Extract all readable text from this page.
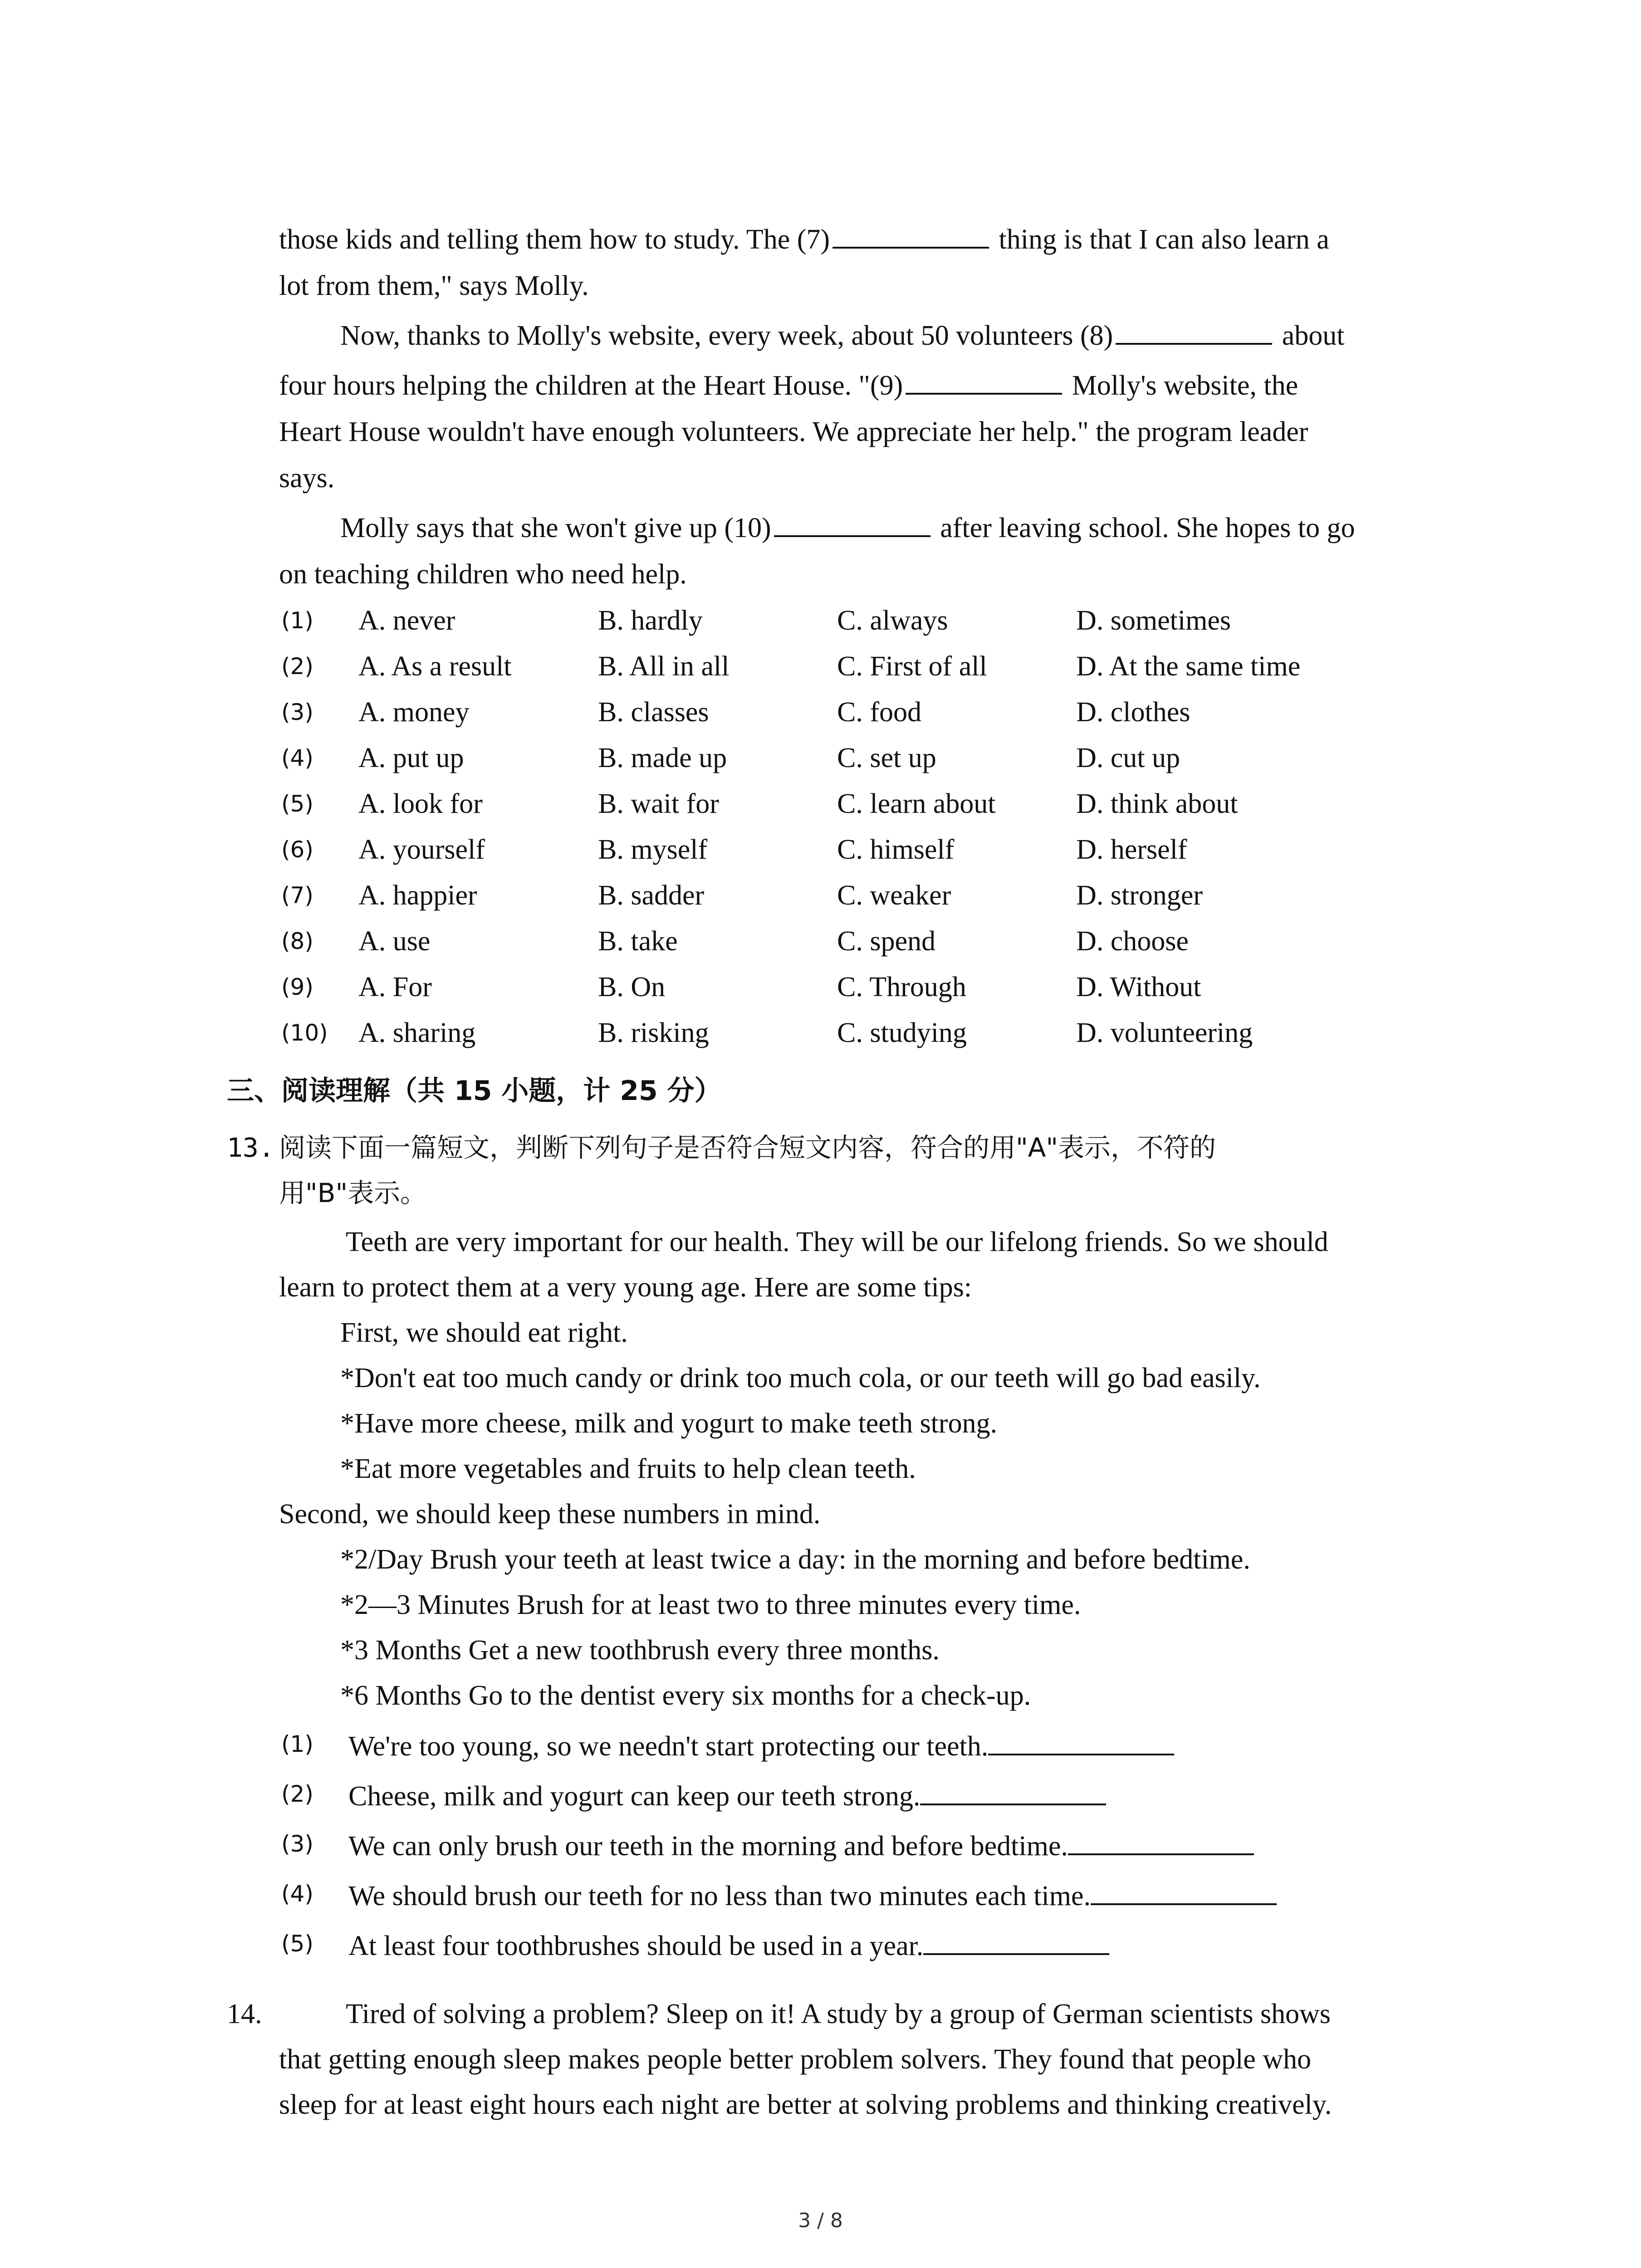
those kids and telling them how to study. The (7)	thing is that I can also learn a
lot from them," says Molly.
Now, thanks to Molly's website, every week, about 50 volunteers (8)	about
four hours helping the children at the Heart House. "(9)	Molly's website, the
Heart House wouldn't have enough volunteers. We appreciate her help." the program leader
says.
Molly says that she won't give up (10)	after leaving school. She hopes to go
on teaching children who need help.
(1) A. never	B. hardly	C. always	D. sometimes
(2) A. As a result	B. All in all	C. First of all	D. At the same time
(3) A. money	B. classes	C. food	D. clothes
(4) A. put up	B. made up	C. set up	D. cut up
(5) A. look for	B. wait for	C. learn about	D. think about
(6) A. yourself	B. myself	C. himself	D. herself
(7) A. happier	B. sadder	C. weaker	D. stronger
(8) A. use	B. take	C. spend	D. choose
(9) A. For	B. On	C. Through	D. Without
(10) A. sharing	B. risking	C. studying	D. volunteering
三、阅读理解（共 15 小题，计 25 分）
13. 阅读下面一篇短文，判断下列句子是否符合短文内容，符合的用"A"表示，不符的
用"B"表示。
Teeth are very important for our health. They will be our lifelong friends. So we should
learn to protect them at a very young age. Here are some tips:
First, we should eat right.
*Don't eat too much candy or drink too much cola, or our teeth will go bad easily.
*Have more cheese, milk and yogurt to make teeth strong.
*Eat more vegetables and fruits to help clean teeth.
Second, we should keep these numbers in mind.
*2/Day Brush your teeth at least twice a day: in the morning and before bedtime.
*2—3 Minutes Brush for at least two to three minutes every time.
*3 Months Get a new toothbrush every three months.
*6 Months Go to the dentist every six months for a check-up.
(1) We're too young, so we needn't start protecting our teeth.
(2) Cheese, milk and yogurt can keep our teeth strong.
(3) We can only brush our teeth in the morning and before bedtime.
(4) We should brush our teeth for no less than two minutes each time.
(5) At least four toothbrushes should be used in a year.
14.	Tired of solving a problem? Sleep on it! A study by a group of German scientists shows
that getting enough sleep makes people better problem solvers. They found that people who
sleep for at least eight hours each night are better at solving problems and thinking creatively.
3 / 8
